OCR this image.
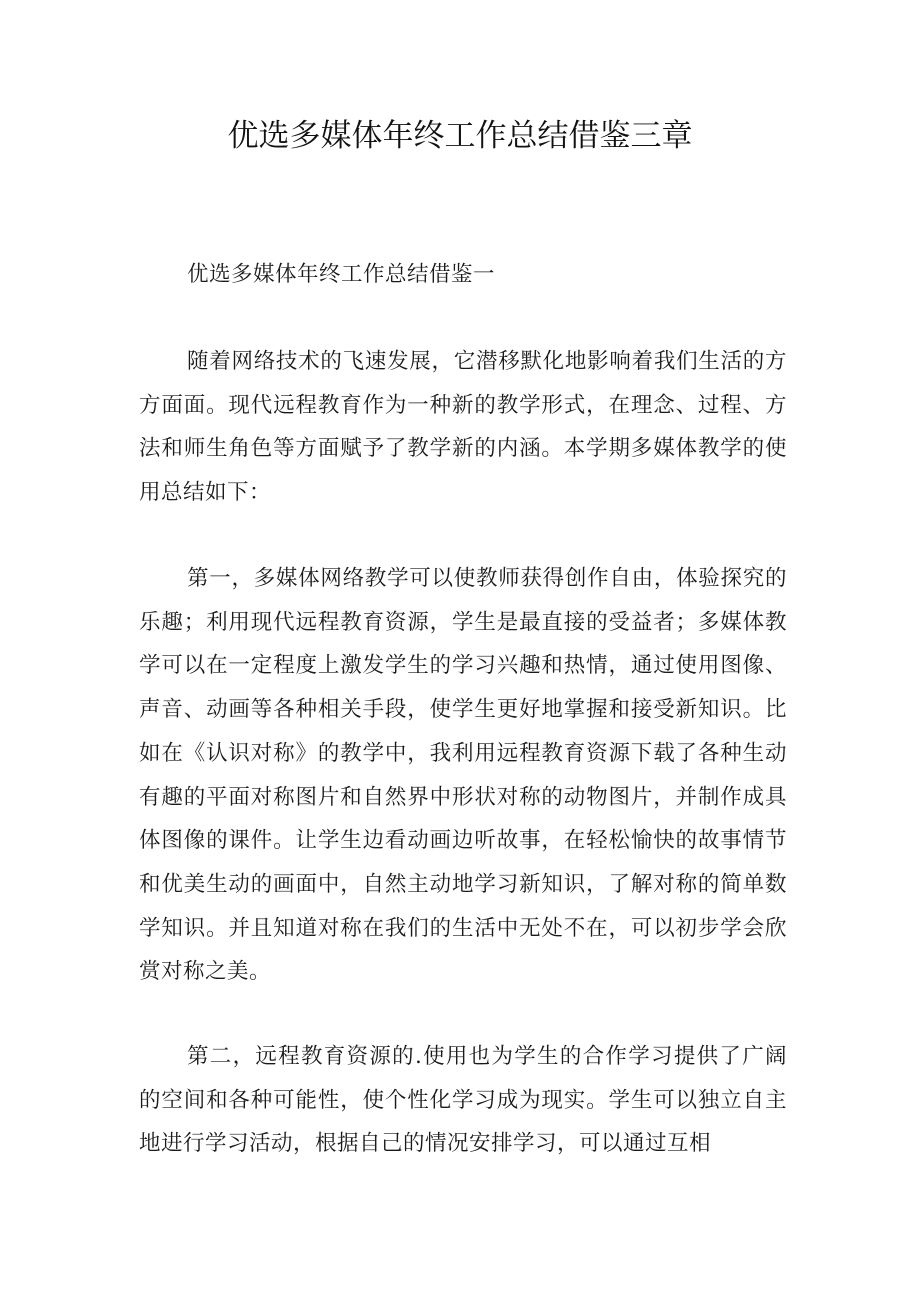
优选多媒体年终工作总结借鉴三章

优选多媒体年终工作总结借鉴一

随着网络技术的飞速发展，它潜移默化地影响着我们生活的方方面面。现代远程教育作为一种新的教学形式，在理念、过程、方法和师生角色等方面赋予了教学新的内涵。本学期多媒体教学的使用总结如下：

第一，多媒体网络教学可以使教师获得创作自由，体验探究的乐趣；利用现代远程教育资源，学生是最直接的受益者；多媒体教学可以在一定程度上激发学生的学习兴趣和热情，通过使用图像、声音、动画等各种相关手段，使学生更好地掌握和接受新知识。比如在《认识对称》的教学中，我利用远程教育资源下载了各种生动有趣的平面对称图片和自然界中形状对称的动物图片，并制作成具体图像的课件。让学生边看动画边听故事，在轻松愉快的故事情节和优美生动的画面中，自然主动地学习新知识，了解对称的简单数学知识。并且知道对称在我们的生活中无处不在，可以初步学会欣赏对称之美。

第二，远程教育资源的.使用也为学生的合作学习提供了广阔的空间和各种可能性，使个性化学习成为现实。学生可以独立自主地进行学习活动，根据自己的情况安排学习，可以通过互相
